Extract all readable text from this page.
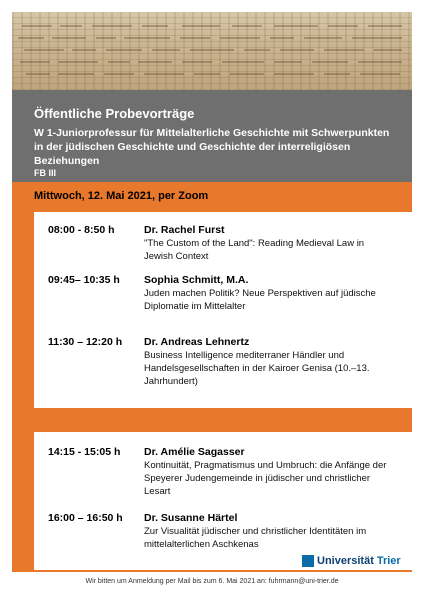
Öffentliche Probevorträge
W 1-Juniorprofessur für Mittelalterliche Geschichte mit Schwerpunkten in der jüdischen Geschichte und Geschichte der interreligiösen Beziehungen
FB III
Mittwoch, 12. Mai 2021, per Zoom
08:00 - 8:50 h	Dr. Rachel Furst
"The Custom of the Land": Reading Medieval Law in Jewish Context
09:45– 10:35 h Sophia Schmitt, M.A.
Juden machen Politik? Neue Perspektiven auf jüdische Diplomatie im Mittelalter
11:30 – 12:20 h Dr. Andreas Lehnertz
Business Intelligence mediterraner Händler und Handelsgesellschaften in der Kairoer Genisa (10.–13. Jahrhundert)
14:15 - 15:05 h Dr. Amélie Sagasser
Kontinuität, Pragmatismus und Umbruch: die Anfänge der Speyerer Judengemeinde in jüdischer und christlicher Lesart
16:00 – 16:50 h Dr. Susanne Härtel
Zur Visualität jüdischer und christlicher Identitäten im mittelalterlichen Aschkenas
Universität Trier
Wir bitten um Anmeldung per Mail bis zum 6. Mai 2021 an: fuhrmann@uni-trier.de
